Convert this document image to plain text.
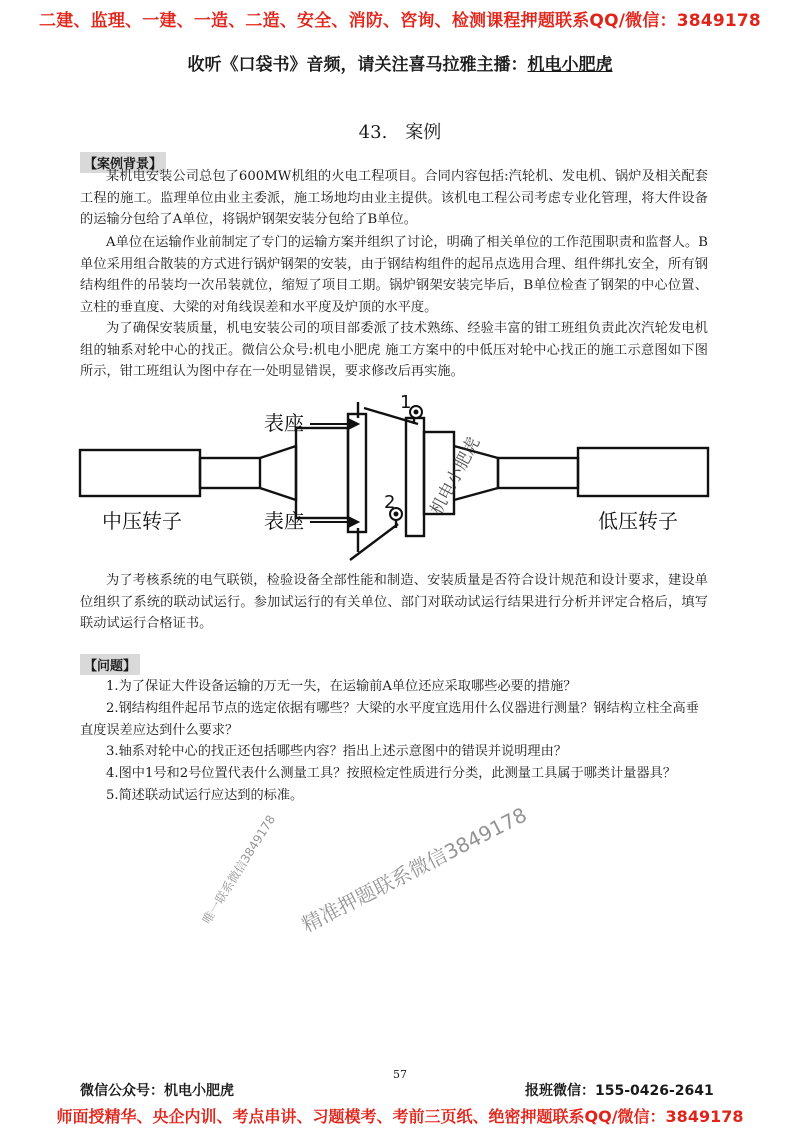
二建、监理、一建、一造、二造、安全、消防、咨询、检测课程押题联系QQ/微信：3849178
收听《口袋书》音频，请关注喜马拉雅主播：机电小肥虎
43.　案例
【案例背景】
某机电安装公司总包了600MW机组的火电工程项目。合同内容包括:汽轮机、发电机、锅炉及相关配套工程的施工。监理单位由业主委派，施工场地均由业主提供。该机电工程公司考虑专业化管理，将大件设备的运输分包给了A单位，将锅炉钢架安装分包给了B单位。
A单位在运输作业前制定了专门的运输方案并组织了讨论，明确了相关单位的工作范围职责和监督人。B单位采用组合散装的方式进行锅炉钢架的安装，由于钢结构组件的起吊点选用合理、组件绑扎安全，所有钢结构组件的吊装均一次吊装就位，缩短了项目工期。锅炉钢架安装完毕后，B单位检查了钢架的中心位置、立柱的垂直度、大梁的对角线误差和水平度及炉顶的水平度。
为了确保安装质量，机电安装公司的项目部委派了技术熟练、经验丰富的钳工班组负责此次汽轮发电机组的轴系对轮中心的找正。微信公众号:机电小肥虎 施工方案中的中低压对轮中心找正的施工示意图如下图所示，钳工班组认为图中存在一处明显错误，要求修改后再实施。
表座
表座
1
2
中压转子	低压转子
机电小肥虎
为了考核系统的电气联锁，检验设备全部性能和制造、安装质量是否符合设计规范和设计要求，建设单位组织了系统的联动试运行。参加试运行的有关单位、部门对联动试运行结果进行分析并评定合格后，填写联动试运行合格证书。
【问题】
1.为了保证大件设备运输的万无一失，在运输前A单位还应采取哪些必要的措施？
2.钢结构组件起吊节点的选定依据有哪些？大梁的水平度宜选用什么仪器进行测量？钢结构立柱全高垂直度误差应达到什么要求？
3.轴系对轮中心的找正还包括哪些内容？指出上述示意图中的错误并说明理由？
4.图中1号和2号位置代表什么测量工具？按照检定性质进行分类，此测量工具属于哪类计量器具？
5.简述联动试运行应达到的标准。
唯一联系微信3849178 精准押题联系微信3849178
57
微信公众号：机电小肥虎	报班微信：155-0426-2641
师面授精华、央企内训、考点串讲、习题模考、考前三页纸、绝密押题联系QQ/微信：3849178
